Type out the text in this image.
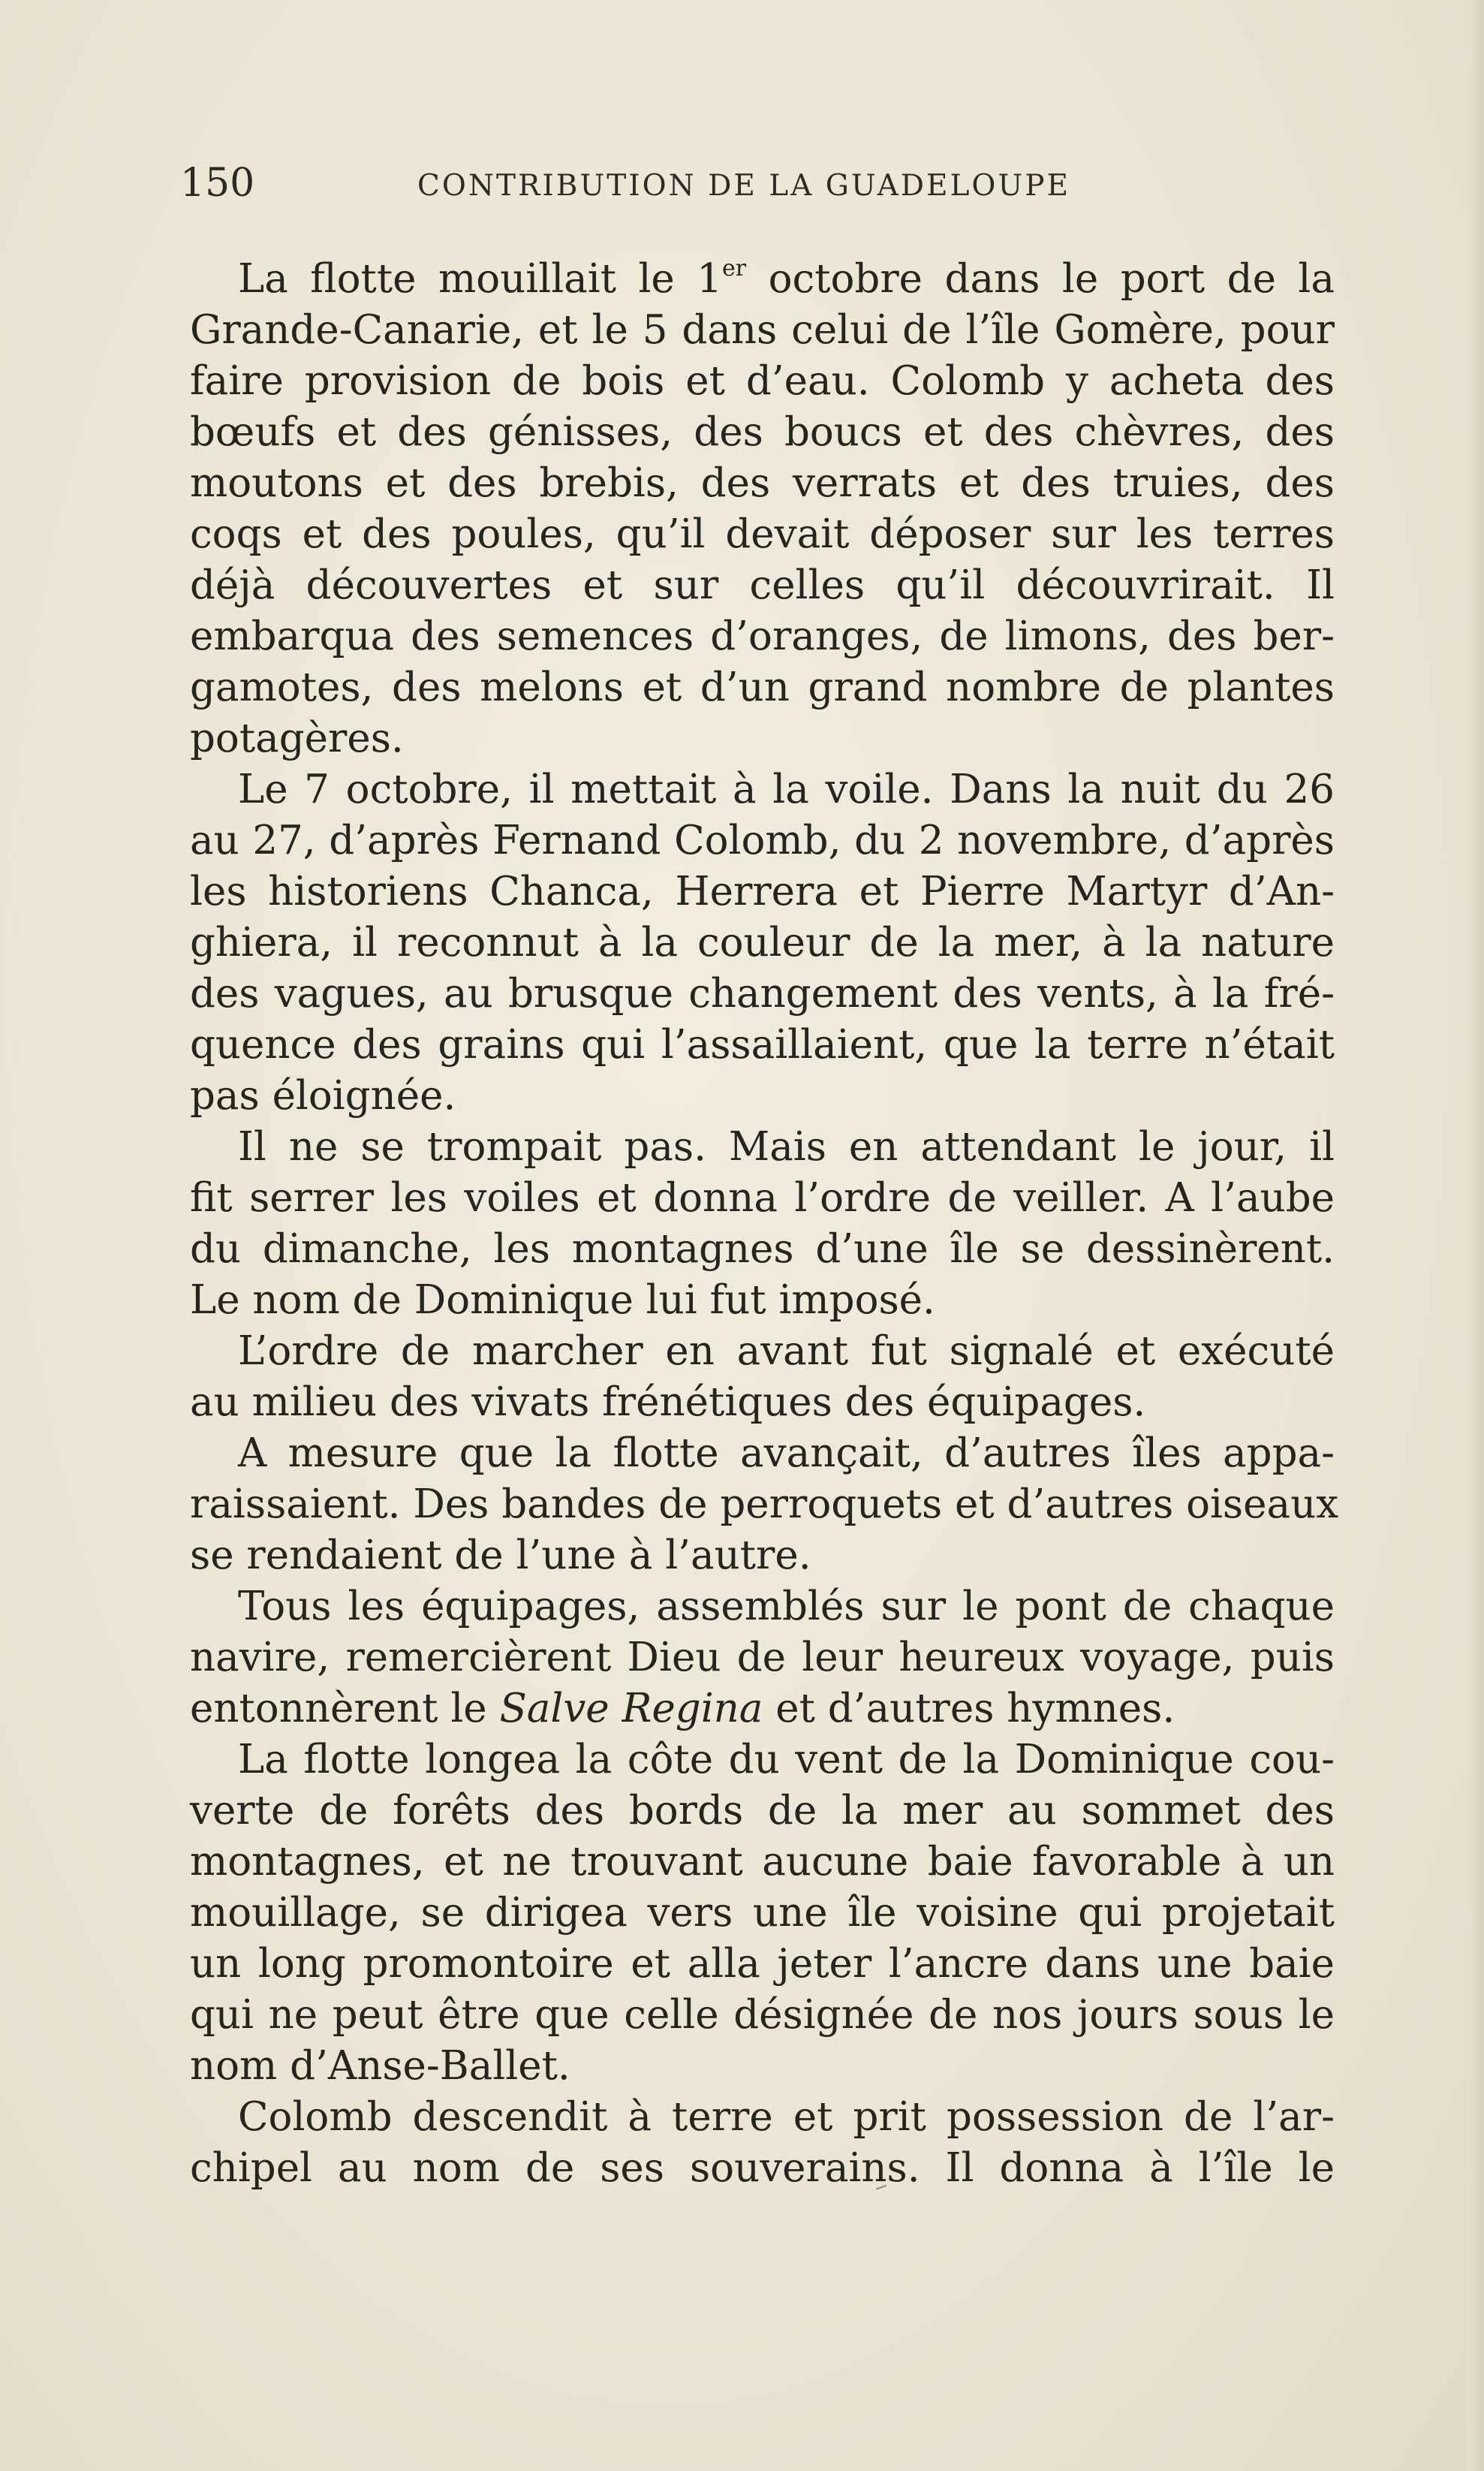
150	CONTRIBUTION DE LA GUADELOUPE
La flotte mouillait le 1er octobre dans le port de la
Grande-Canarie, et le 5 dans celui de l’île Gomère, pour
faire provision de bois et d’eau. Colomb y acheta des
bœufs et des génisses, des boucs et des chèvres, des
moutons et des brebis, des verrats et des truies, des
coqs et des poules, qu’il devait déposer sur les terres
déjà découvertes et sur celles qu’il découvrirait. Il
embarqua des semences d’oranges, de limons, des ber-
gamotes, des melons et d’un grand nombre de plantes
potagères.
Le 7 octobre, il mettait à la voile. Dans la nuit du 26
au 27, d’après Fernand Colomb, du 2 novembre, d’après
les historiens Chanca, Herrera et Pierre Martyr d’An-
ghiera, il reconnut à la couleur de la mer, à la nature
des vagues, au brusque changement des vents, à la fré-
quence des grains qui l’assaillaient, que la terre n’était
pas éloignée.
Il ne se trompait pas. Mais en attendant le jour, il
fit serrer les voiles et donna l’ordre de veiller. A l’aube
du dimanche, les montagnes d’une île se dessinèrent.
Le nom de Dominique lui fut imposé.
L’ordre de marcher en avant fut signalé et exécuté
au milieu des vivats frénétiques des équipages.
A mesure que la flotte avançait, d’autres îles appa-
raissaient. Des bandes de perroquets et d’autres oiseaux
se rendaient de l’une à l’autre.
Tous les équipages, assemblés sur le pont de chaque
navire, remercièrent Dieu de leur heureux voyage, puis
entonnèrent le Salve Regina et d’autres hymnes.
La flotte longea la côte du vent de la Dominique cou-
verte de forêts des bords de la mer au sommet des
montagnes, et ne trouvant aucune baie favorable à un
mouillage, se dirigea vers une île voisine qui projetait
un long promontoire et alla jeter l’ancre dans une baie
qui ne peut être que celle désignée de nos jours sous le
nom d’Anse-Ballet.
Colomb descendit à terre et prit possession de l’ar-
chipel au nom de ses souverains. Il donna à l’île le
